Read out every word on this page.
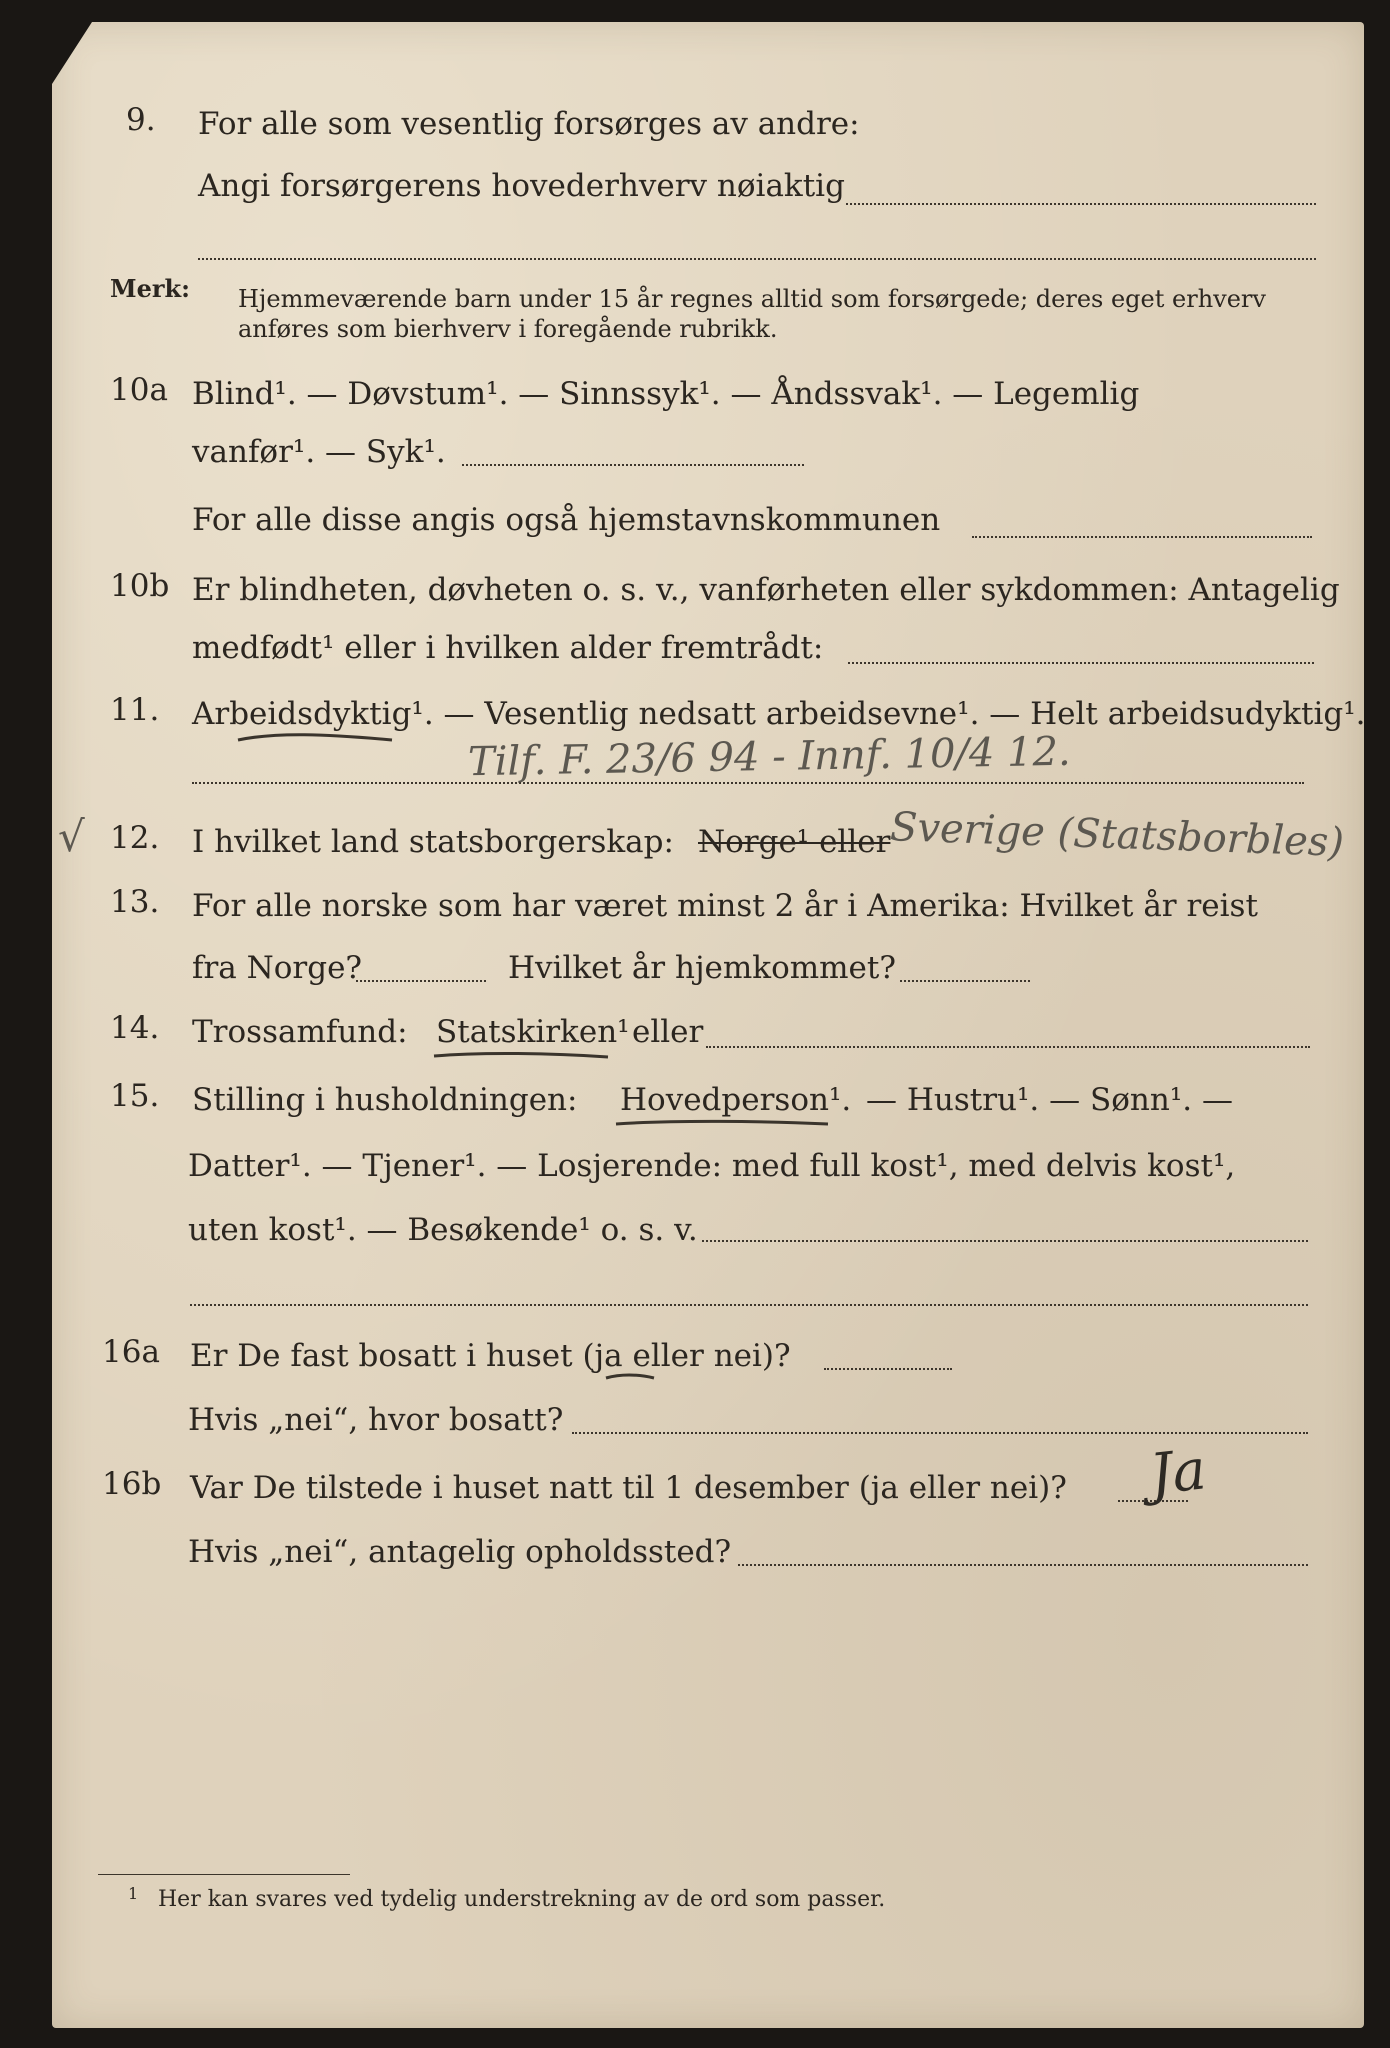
9. For alle som vesentlig forsørges av andre:
Angi forsørgerens hovederhverv nøiaktig
Merk: Hjemmeværende barn under 15 år regnes alltid som forsørgede; deres eget erhverv
anføres som bierhverv i foregående rubrikk.
10a Blind¹. — Døvstum¹. — Sinnssyk¹. — Åndssvak¹. — Legemlig
vanfør¹. — Syk¹.
For alle disse angis også hjemstavnskommunen
10b Er blindheten, døvheten o. s. v., vanførheten eller sykdommen: Antagelig
medfødt¹ eller i hvilken alder fremtrådt:
11. Arbeidsdyktig¹. — Vesentlig nedsatt arbeidsevne¹. — Helt arbeidsudyktig¹.
Tilf. F. 23/6 94 - Innf. 10/4 12.
√ 12. I hvilket land statsborgerskap: Norge¹ eller
Sverige (Statsborbles)
13. For alle norske som har været minst 2 år i Amerika: Hvilket år reist
fra Norge?	Hvilket år hjemkommet?
14. Trossamfund: Statskirken¹ eller
15. Stilling i husholdningen: Hovedperson¹. — Hustru¹. — Sønn¹. —
Datter¹. — Tjener¹. — Losjerende: med full kost¹, med delvis kost¹,
uten kost¹. — Besøkende¹ o. s. v.
16a Er De fast bosatt i huset (ja eller nei)?
Hvis „nei“, hvor bosatt?
16b Var De tilstede i huset natt til 1 desember (ja eller nei)? Ja
Hvis „nei“, antagelig opholdssted?
1 Her kan svares ved tydelig understrekning av de ord som passer.
